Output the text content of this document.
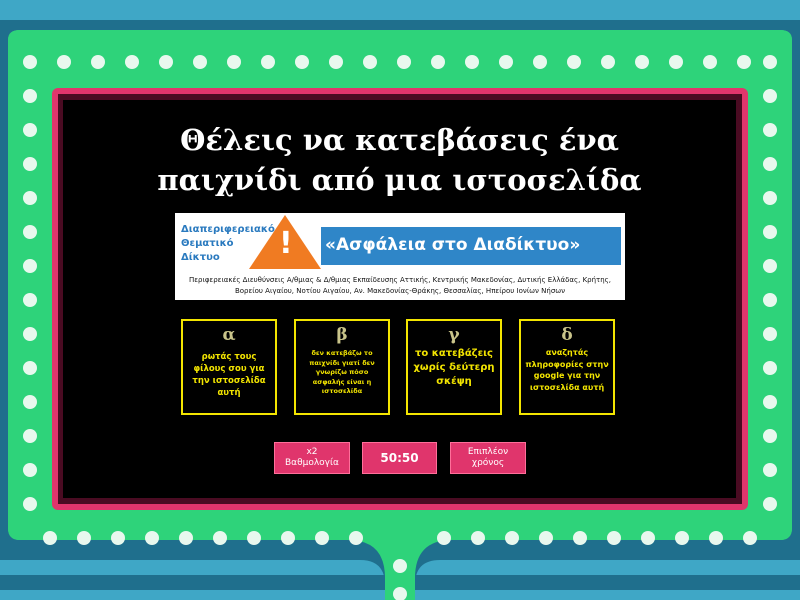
Θέλεις να κατεβάσεις ένα
παιχνίδι από μια ιστοσελίδα
Διαπεριφερειακό
Θεματικό
Δίκτυο	! «Ασφάλεια στο Διαδίκτυο»
Περιφερειακές Διευθύνσεις Α/θμιας & Δ/θμιας Εκπαίδευσης Αττικής, Κεντρικής Μακεδονίας, Δυτικής Ελλάδας, Κρήτης,
Βορείου Αιγαίου, Νοτίου Αιγαίου, Αν. Μακεδονίας-Θράκης, Θεσσαλίας, Ηπείρου Ιονίων Νήσων
α
ρωτάς τους φίλους σου για την ιστοσελίδα αυτή
β
δεν κατεβάζω το παιχνίδι γιατί δεν γνωρίζω πόσο ασφαλής είναι η ιστοσελίδα
γ
το κατεβάζεις χωρίς δεύτερη σκέψη
δ
αναζητάς πληροφορίες στην google για την ιστοσελίδα αυτή
x2
Βαθμολογία	50:50	Επιπλέον
χρόνος
